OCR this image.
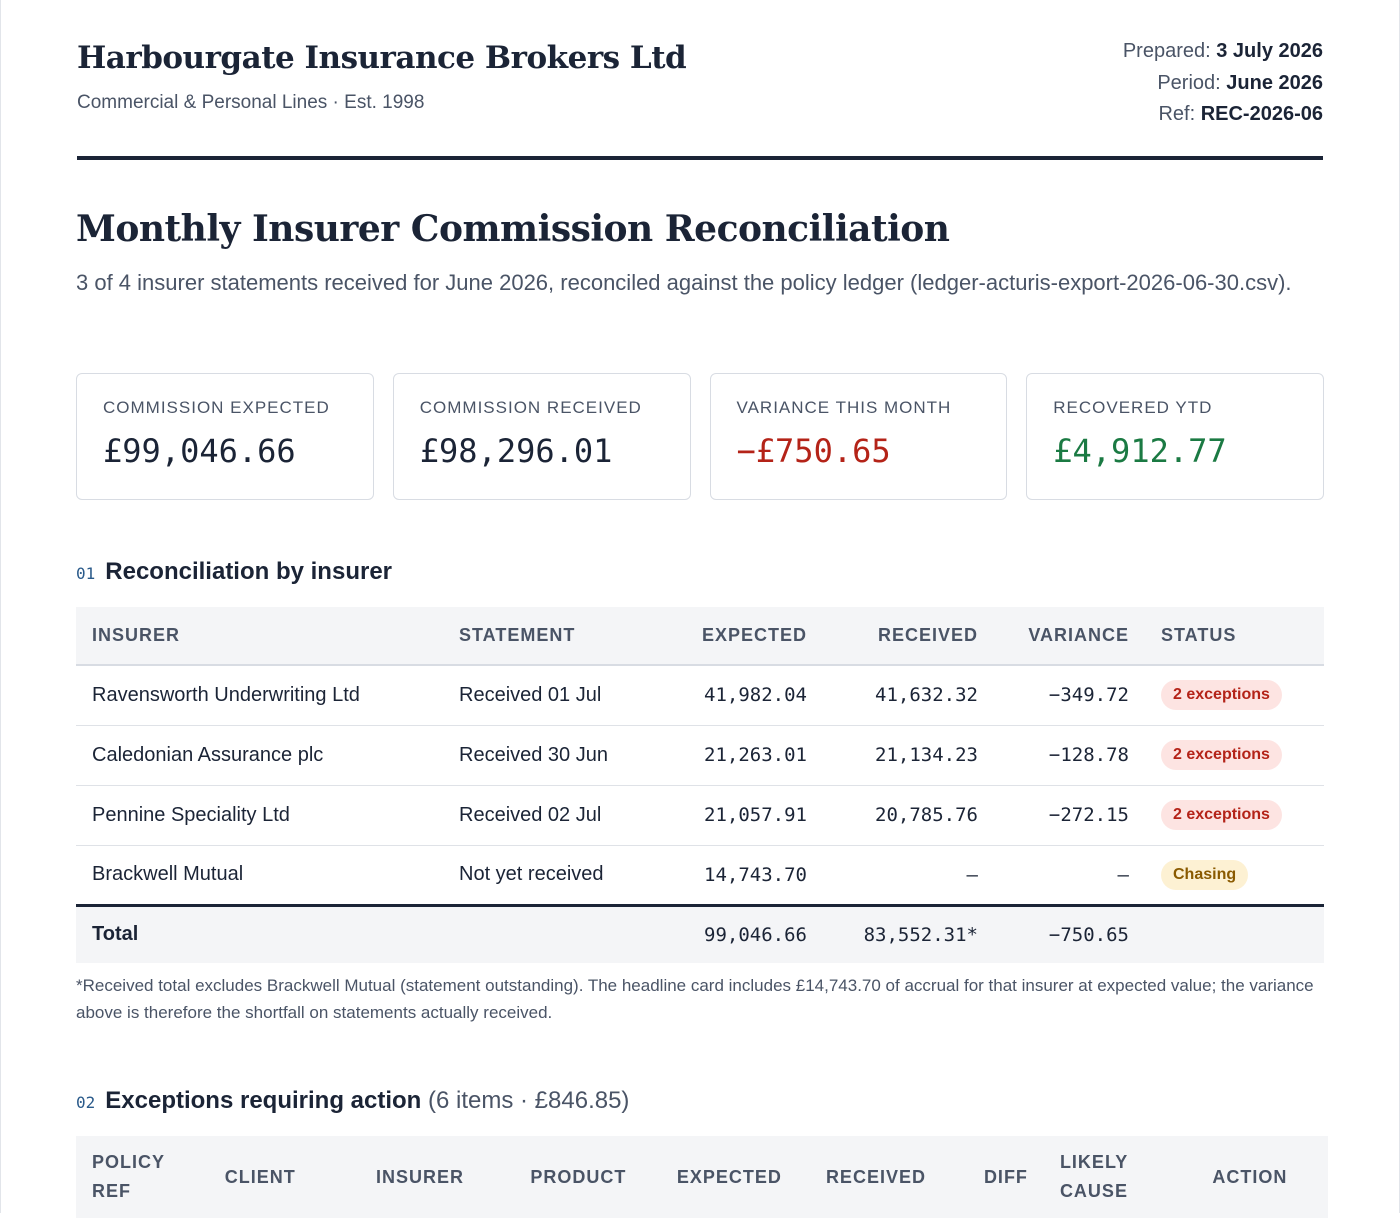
Harbourgate Insurance Brokers Ltd
Commercial & Personal Lines · Est. 1998
Prepared: 3 July 2026
Period: June 2026
Ref: REC-2026-06
Monthly Insurer Commission Reconciliation
3 of 4 insurer statements received for June 2026, reconciled against the policy ledger (ledger-acturis-export-2026-06-30.csv).
COMMISSION EXPECTED
£99,046.66
COMMISSION RECEIVED
£98,296.01
VARIANCE THIS MONTH
−£750.65
RECOVERED YTD
£4,912.77
01 Reconciliation by insurer
INSURER	STATEMENT	EXPECTED	RECEIVED	VARIANCE	STATUS
Ravensworth Underwriting Ltd	Received 01 Jul	41,982.04	41,632.32	−349.72	2 exceptions
Caledonian Assurance plc	Received 30 Jun	21,263.01	21,134.23	−128.78	2 exceptions
Pennine Speciality Ltd	Received 02 Jul	21,057.91	20,785.76	−272.15	2 exceptions
Brackwell Mutual	Not yet received	14,743.70	—	—	Chasing
Total		99,046.66	83,552.31*	−750.65	
*Received total excludes Brackwell Mutual (statement outstanding). The headline card includes £14,743.70 of accrual for that insurer at expected value; the variance above is therefore the shortfall on statements actually received.
02 Exceptions requiring action (6 items · £846.85)
POLICY REF	CLIENT	INSURER	PRODUCT	EXPECTED	RECEIVED	DIFF	LIKELY CAUSE	ACTION
